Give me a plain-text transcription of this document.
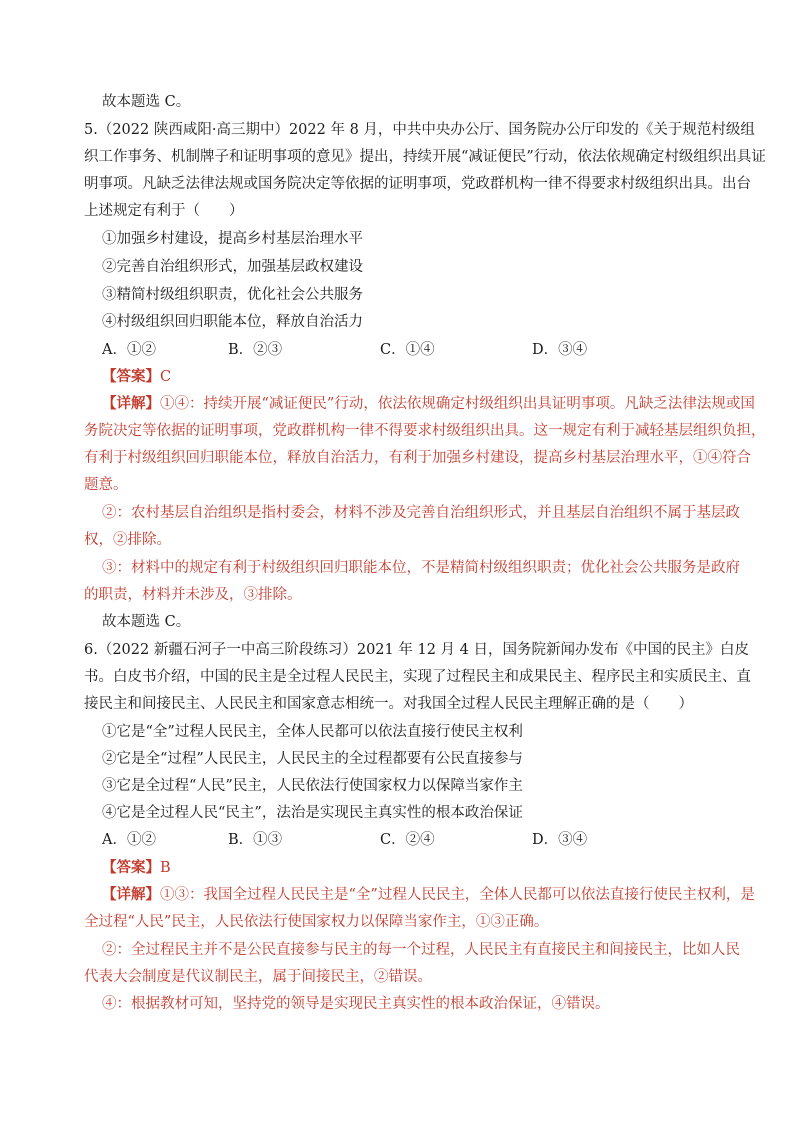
故本题选 C。
5.（2022 陕西咸阳·高三期中）2022 年 8 月，中共中央办公厅、国务院办公厅印发的《关于规范村级组
织工作事务、机制牌子和证明事项的意见》提出，持续开展“减证便民”行动，依法依规确定村级组织出具证
明事项。凡缺乏法律法规或国务院决定等依据的证明事项，党政群机构一律不得要求村级组织出具。出台
上述规定有利于（　　）
①加强乡村建设，提高乡村基层治理水平
②完善自治组织形式，加强基层政权建设
③精简村级组织职责，优化社会公共服务
④村级组织回归职能本位，释放自治活力
A．①②	B．②③	C．①④	D．③④
【答案】C
【详解】①④：持续开展“减证便民”行动，依法依规确定村级组织出具证明事项。凡缺乏法律法规或国
务院决定等依据的证明事项，党政群机构一律不得要求村级组织出具。这一规定有利于减轻基层组织负担，
有利于村级组织回归职能本位，释放自治活力，有利于加强乡村建设，提高乡村基层治理水平，①④符合
题意。
②：农村基层自治组织是指村委会，材料不涉及完善自治组织形式，并且基层自治组织不属于基层政
权，②排除。
③：材料中的规定有利于村级组织回归职能本位，不是精简村级组织职责；优化社会公共服务是政府
的职责，材料并未涉及，③排除。
故本题选 C。
6.（2022 新疆石河子一中高三阶段练习）2021 年 12 月 4 日，国务院新闻办发布《中国的民主》白皮
书。白皮书介绍，中国的民主是全过程人民民主，实现了过程民主和成果民主、程序民主和实质民主、直
接民主和间接民主、人民民主和国家意志相统一。对我国全过程人民民主理解正确的是（　　）
①它是“全”过程人民民主，全体人民都可以依法直接行使民主权利
②它是全“过程”人民民主，人民民主的全过程都要有公民直接参与
③它是全过程“人民”民主，人民依法行使国家权力以保障当家作主
④它是全过程人民“民主”，法治是实现民主真实性的根本政治保证
A．①②	B．①③	C．②④	D．③④
【答案】B
【详解】①③：我国全过程人民民主是“全”过程人民民主，全体人民都可以依法直接行使民主权利，是
全过程“人民”民主，人民依法行使国家权力以保障当家作主，①③正确。
②：全过程民主并不是公民直接参与民主的每一个过程，人民民主有直接民主和间接民主，比如人民
代表大会制度是代议制民主，属于间接民主，②错误。
④：根据教材可知，坚持党的领导是实现民主真实性的根本政治保证，④错误。
